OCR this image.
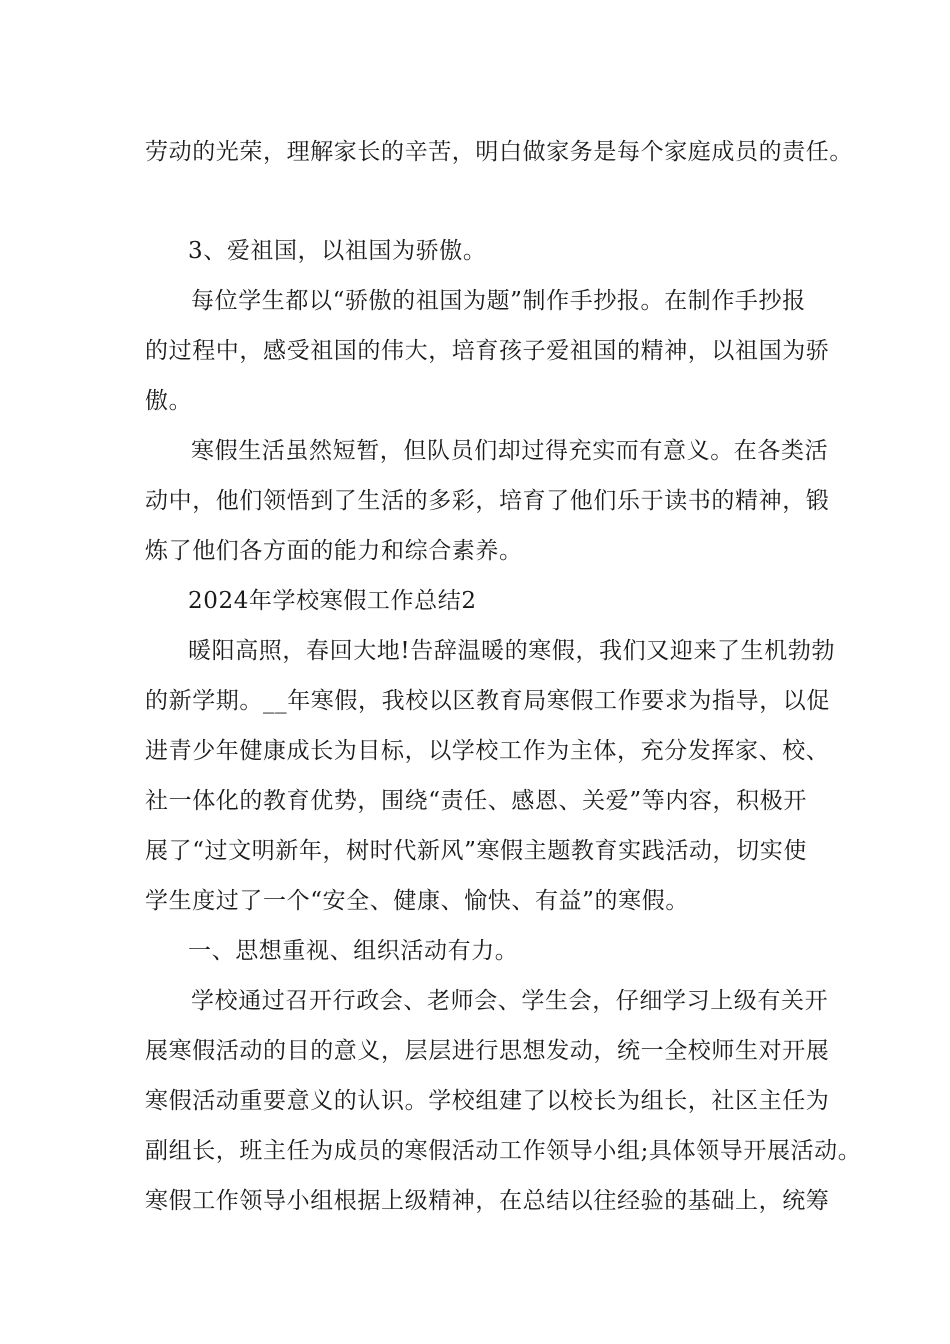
劳动的光荣，理解家长的辛苦，明白做家务是每个家庭成员的责任。
3、爱祖国，以祖国为骄傲。
每位学生都以“骄傲的祖国为题”制作手抄报。在制作手抄报
的过程中，感受祖国的伟大，培育孩子爱祖国的精神，以祖国为骄
傲。
寒假生活虽然短暂，但队员们却过得充实而有意义。在各类活
动中，他们领悟到了生活的多彩，培育了他们乐于读书的精神，锻
炼了他们各方面的能力和综合素养。
2024年学校寒假工作总结2
暖阳高照，春回大地!告辞温暖的寒假，我们又迎来了生机勃勃
的新学期。__年寒假，我校以区教育局寒假工作要求为指导，以促
进青少年健康成长为目标，以学校工作为主体，充分发挥家、校、
社一体化的教育优势，围绕“责任、感恩、关爱”等内容，积极开
展了“过文明新年，树时代新风”寒假主题教育实践活动，切实使
学生度过了一个“安全、健康、愉快、有益”的寒假。
一、思想重视、组织活动有力。
学校通过召开行政会、老师会、学生会，仔细学习上级有关开
展寒假活动的目的意义，层层进行思想发动，统一全校师生对开展
寒假活动重要意义的认识。学校组建了以校长为组长，社区主任为
副组长，班主任为成员的寒假活动工作领导小组;具体领导开展活动。
寒假工作领导小组根据上级精神，在总结以往经验的基础上，统筹
